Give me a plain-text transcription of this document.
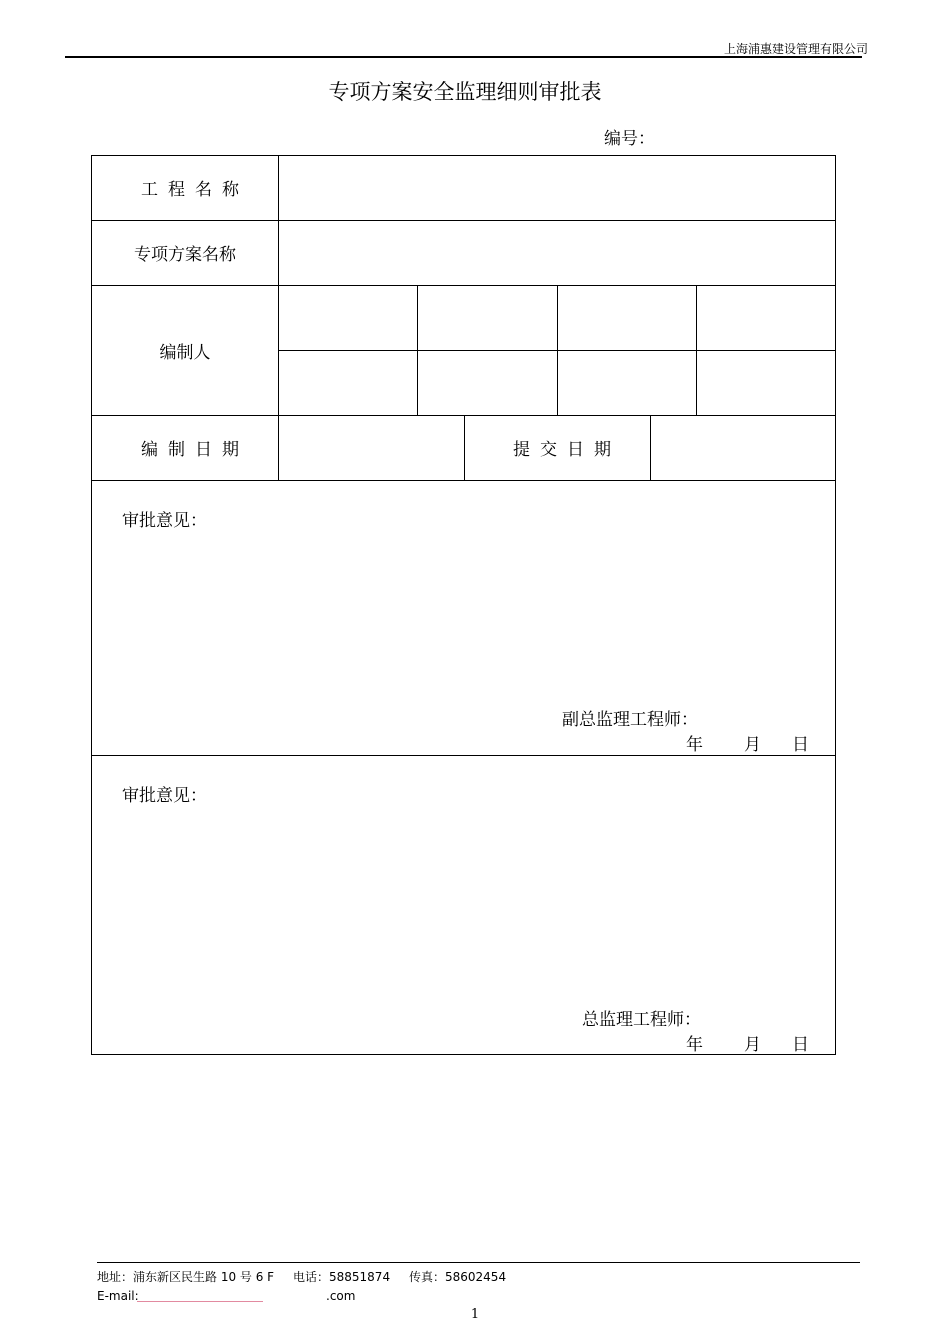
上海浦惠建设管理有限公司
专项方案安全监理细则审批表
编号：
工程名称
专项方案名称
编制人
编制日期	提交日期
审批意见：
副总监理工程师：
年 月 日
审批意见：
总监理工程师：
年 月 日
地址：浦东新区民生路 10 号 6 F 电话：58851874 传真：58602454
E-mail:	.com
1
